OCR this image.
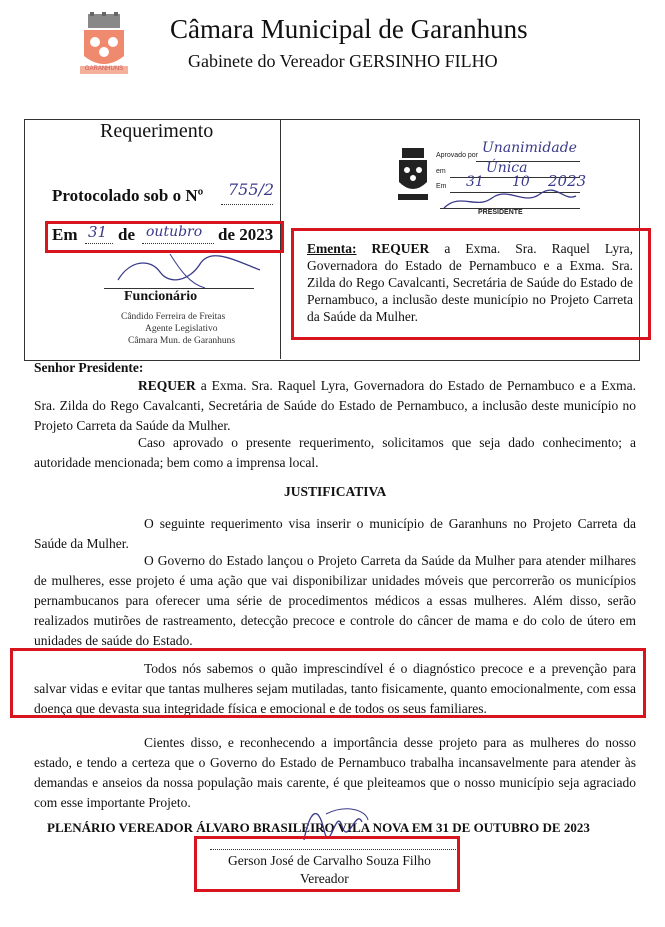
GARANHUNS
Câmara Municipal de Garanhuns
Gabinete do Vereador GERSINHO FILHO
Requerimento
Protocolado sob o Nº 755/2
Em de	de 2023
31	outubro
Funcionário
Cândido Ferreira de Freitas
Agente Legislativo
Câmara Mun. de Garanhuns
Aprovado por Unanimidade
em	Única
Em 31 10 2023
PRESIDENTE
Ementa: REQUER a Exma. Sra. Raquel Lyra, Governadora do Estado de Pernambuco e a Exma. Sra. Zilda do Rego Cavalcanti, Secretária de Saúde do Estado de Pernambuco, a inclusão deste município no Projeto Carreta da Saúde da Mulher.
Senhor Presidente:
REQUER a Exma. Sra. Raquel Lyra, Governadora do Estado de Pernambuco e a Exma. Sra. Zilda do Rego Cavalcanti, Secretária de Saúde do Estado de Pernambuco, a inclusão deste município no Projeto Carreta da Saúde da Mulher.
Caso aprovado o presente requerimento, solicitamos que seja dado conhecimento; a autoridade mencionada; bem como a imprensa local.
JUSTIFICATIVA
O seguinte requerimento visa inserir o município de Garanhuns no Projeto Carreta da Saúde da Mulher.
O Governo do Estado lançou o Projeto Carreta da Saúde da Mulher para atender milhares de mulheres, esse projeto é uma ação que vai disponibilizar unidades móveis que percorrerão os municípios pernambucanos para oferecer uma série de procedimentos médicos a essas mulheres. Além disso, serão realizados mutirões de rastreamento, detecção precoce e controle do câncer de mama e do colo de útero em unidades de saúde do Estado.
Todos nós sabemos o quão imprescindível é o diagnóstico precoce e a prevenção para salvar vidas e evitar que tantas mulheres sejam mutiladas, tanto fisicamente, quanto emocionalmente, com essa doença que devasta sua integridade física e emocional e de todos os seus familiares.
Cientes disso, e reconhecendo a importância desse projeto para as mulheres do nosso estado, e tendo a certeza que o Governo do Estado de Pernambuco trabalha incansavelmente para atender às demandas e anseios da nossa população mais carente, é que pleiteamos que o nosso município seja agraciado com esse importante Projeto.
PLENÁRIO VEREADOR ÁLVARO BRASILEIRO VILA NOVA EM 31 DE OUTUBRO DE 2023
Gerson José de Carvalho Souza Filho
Vereador
